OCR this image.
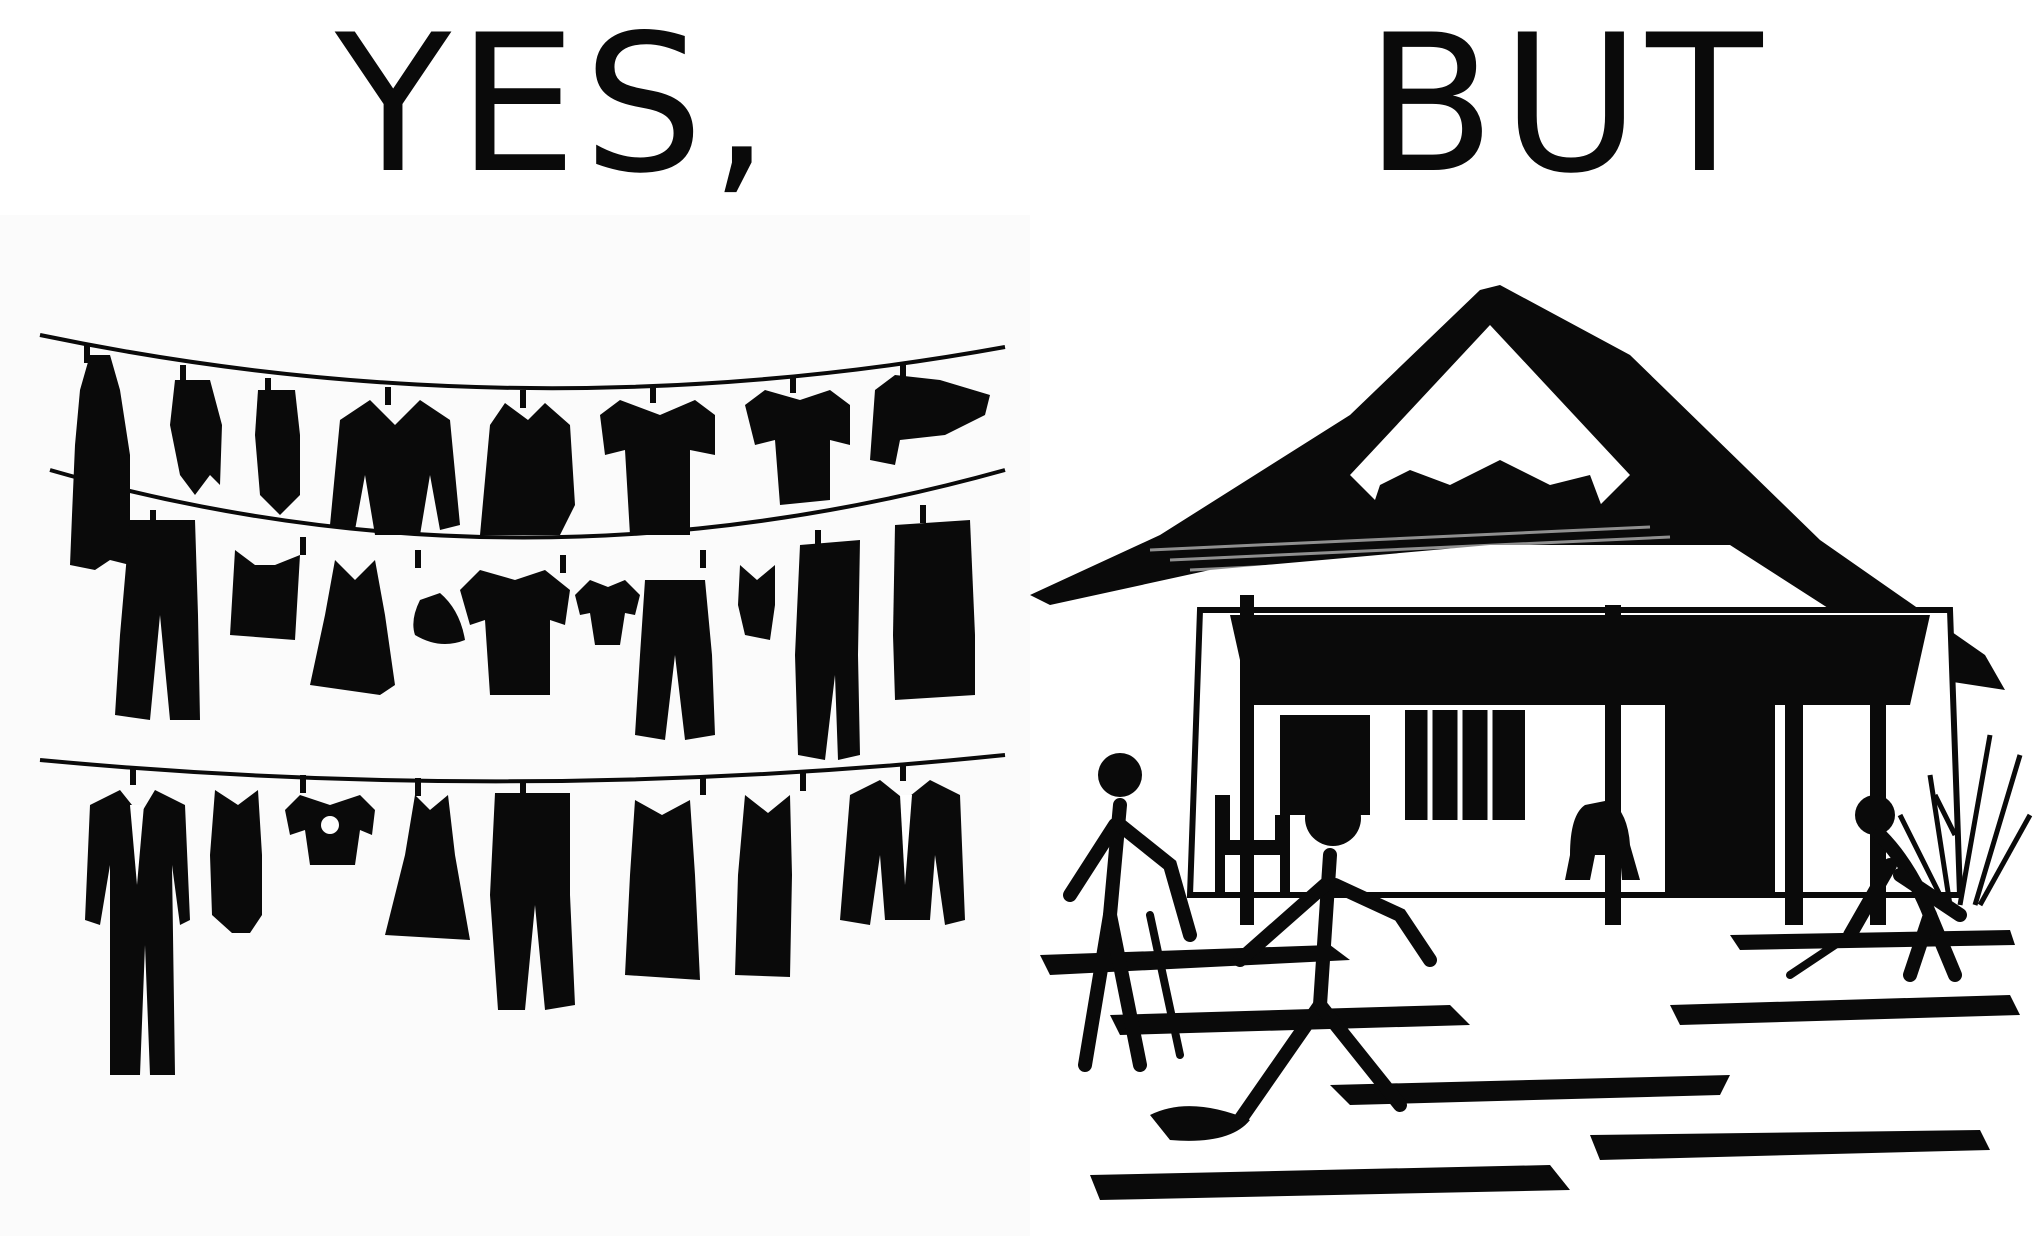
YES,	BUT
